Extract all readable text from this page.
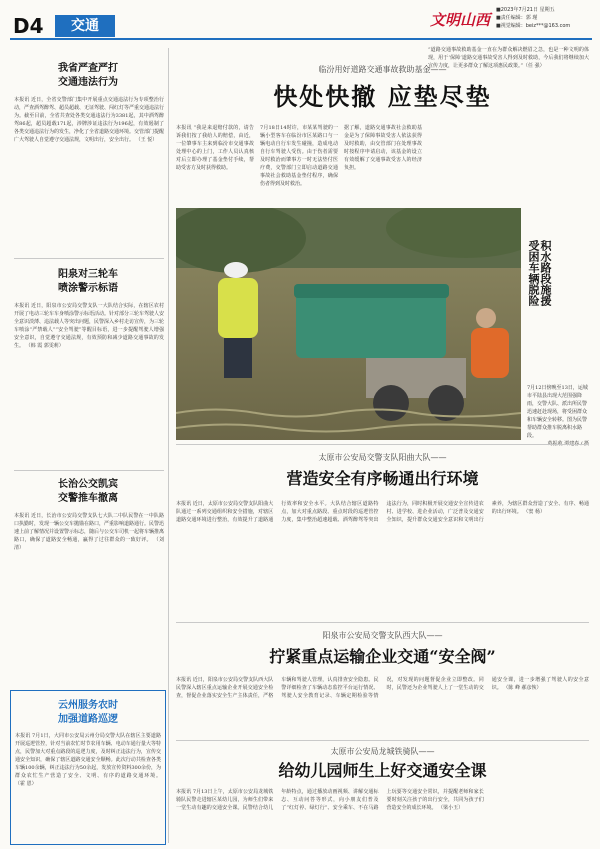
D4	交通	文明山西
■2023年7月21日 星期五
■责任编辑：郭 瑾
■视觉编辑：beiz***@163.com
我省严查严打
交通违法行为
本报讯 近日，全省交警部门集中开展重点交通违法行为专项整治行动，严查酒驾醉驾、超员超载、无证驾驶、闯红灯等严重交通违法行为。截至目前，全省共查处各类交通违法行为3381起，其中酒驾醉驾86起，超员超载171起，涉牌涉证违法行为196起，有效遏制了各类交通违法行为的发生，净化了全省道路交通环境。交管部门提醒广大驾驶人自觉遵守交通法规，文明出行，安全出行。 （王 悦）
阳泉对三轮车
喷涂警示标语
本报讯 近日，阳泉市公安局交警支队一大队结合实际，在辖区农村开展了电动三轮车车身喷涂警示标语活动。针对部分三轮车驾驶人安全意识淡薄、违法载人等突出问题，民警深入乡村走访宣传，为三轮车喷涂“严禁载人”“安全驾驶”等醒目标语，进一步提醒驾驶人增强安全意识，自觉遵守交通法规，有效预防和减少道路交通事故的发生。 （韩 霞 郭雯莉）
长治公交凯宾
交警推车撤离
本报讯 近日，长治市公安局交警支队七大队二中队民警在一中队路口执勤时，发现一辆公交车抛锚在路口，严重影响道路通行。民警迅速上前了解情况并设置警示标志，随后与公交车司机一起将车辆推离路口，确保了道路安全畅通，赢得了过往群众的一致好评。 （刘 清）
云州服务农时
加强道路巡逻
本报讯 7月1日，大同市公安局云州分局交警大队在辖区主要道路开展巡逻管控，针对当前农忙时节农用车辆、电动车通行量大等特点，民警加大对重点路段的巡逻力度，及时纠正违法行为，宣传交通安全知识，确保了辖区道路交通安全顺畅。此次行动共检查各类车辆100余辆，纠正违法行为50余起，发放宣传资料300余份，为群众农忙生产营造了安全、文明、有序的道路交通环境。 （霍 恩）
临汾用好道路交通事故救助基金——
快处快撤 应垫尽垫
本报讯 “我是来退赔付款的，请告诉我们按了我给人的赔偿，由近，一位肇事车主来到临汾市交通事故处理中心的上门，工作人员认真核对后立即办理了基金垫付手续，帮助受害方及时获得救助。
7月18日14时许，市某某驾驶的一辆小型客车在临汾市区某路口与一辆电动自行车发生碰撞，造成电动自行车驾驶人受伤。由于伤者需要及时救治而肇事方一时无法垫付医疗费，交警部门立即启动道路交通事故社会救助基金垫付程序，确保伤者得到及时救治。
据了解，道路交通事故社会救助基金是为了保障事故受害人依法获得及时救助，由交管部门在处理事故时按程序申请启动，该基金的设立有效缓解了交通事故受害人的经济负担。
“道路交通事故救助基金一直在为群众解决燃眉之急，也是一种文明的体现，用于‘保障’道路交通事故受害人得到及时救助，今后我们将继续加大宣传力度，让更多群众了解这项惠民政策。”（任 强）
积水路段施援
受困车辆脱险
7月12日傍晚至13日，运城市平陆县出现大范围强降雨，交警大队、派出所民警迅速赶赴现场，将受困群众和车辆安全转移。图为民警帮助群众推车脱离积水路段。
太原市公安局交警支队阳曲大队——
营造安全有序畅通出行环境
本报讯 近日，太原市公安局交警支队阳曲大队通过一系列交通组织和安全措施，对辖区道路交通环境进行整治，有效提升了道路通行效率和安全水平。大队结合辖区道路特点，加大对重点路段、重点时段的巡逻管控力度，集中整治超速超载、酒驾醉驾等突出违法行为，同时积极开展交通安全宣传进农村、进学校、进企业活动，广泛普及交通安全知识，提升群众交通安全意识和文明出行素养，为辖区群众营造了安全、有序、畅通的出行环境。 （窦 杨）
阳泉市公安局交警支队西大队——
拧紧重点运输企业交通“安全阀”
本报讯 近日，阳泉市公安局交警支队西大队民警深入辖区重点运输企业开展交通安全检查，督促企业落实安全生产主体责任，严格车辆和驾驶人管理，认真排查安全隐患。民警详细检查了车辆动态监控平台运行情况、驾驶人安全教育记录、车辆定期检验等情况，对发现的问题督促企业立即整改。同时，民警还为企业驾驶人上了一堂生动的交通安全课，进一步增强了驾驶人的安全意识。 （陈 峰 郝彦恢）
太原市公安局龙城铁骑队——
给幼儿园师生上好交通安全课
本报讯 7月13日上午，太原市公安局龙城铁骑队民警走进辖区某幼儿园，为师生们带来一堂生动有趣的交通安全课。民警结合幼儿年龄特点，通过播放动画视频、讲解交通标志、互动问答等形式，向小朋友们普及了“红灯停、绿灯行”、安全乘车、不在马路上玩耍等交通安全常识，并提醒老师和家长要时刻关注孩子的出行安全，共同为孩子们营造安全的成长环境。 （梁小玉）
